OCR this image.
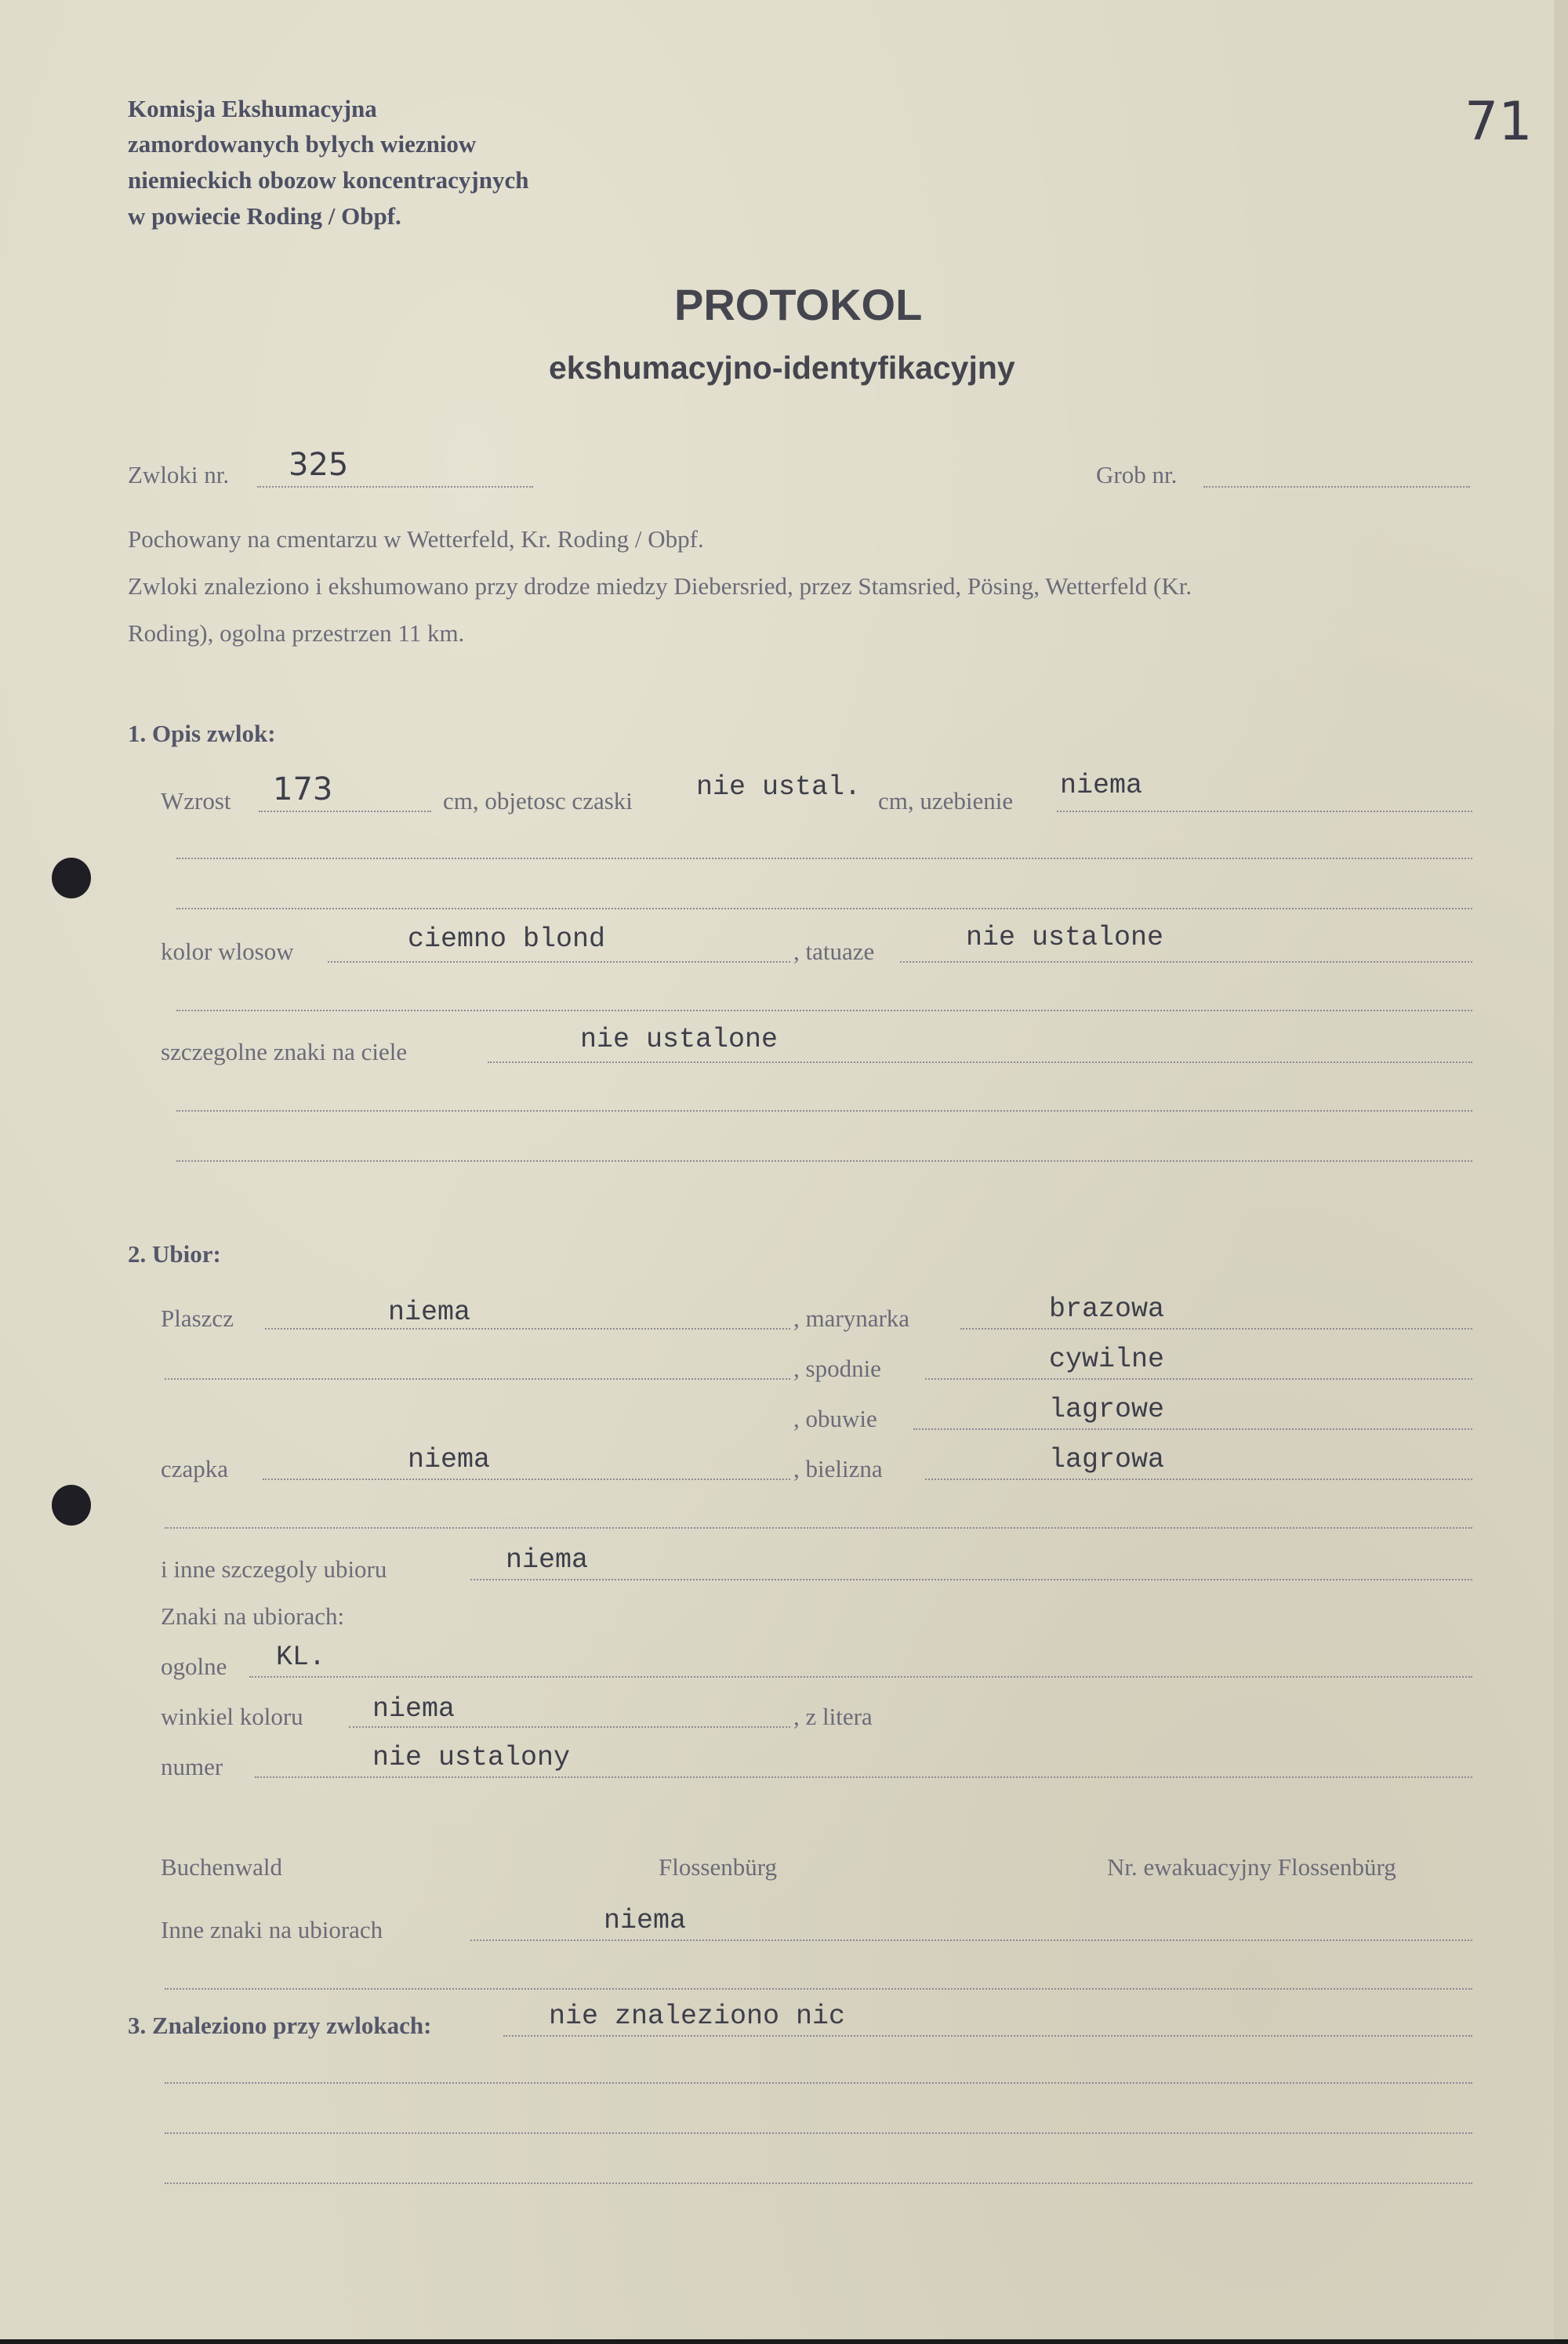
Komisja Ekshumacyjna
zamordowanych bylych wiezniow
niemieckich obozow koncentracyjnych
w powiecie Roding / Obpf.
71
PROTOKOL
ekshumacyjno-identyfikacyjny
Zwloki nr. 325	Grob nr.
Pochowany na cmentarzu w Wetterfeld, Kr. Roding / Obpf.
Zwloki znaleziono i ekshumowano przy drodze miedzy Diebersried, przez Stamsried, Pösing, Wetterfeld (Kr.
Roding), ogolna przestrzen 11 km.
1. Opis zwlok:
Wzrost 173	cm, objetosc czaski nie ustal. cm, uzebienie niema
kolor wlosow	ciemno blond	, tatuaze	nie ustalone
szczegolne znaki na ciele	nie ustalone
2. Ubior:
Plaszcz	niema	, marynarka	brazowa
, spodnie	cywilne
, obuwie	lagrowe
czapka	niema	, bielizna	lagrowa
i inne szczegoly ubioru	niema
Znaki na ubiorach:
ogolne KL.
winkiel koloru	niema	, z litera
numer	nie ustalony
Buchenwald	Flossenbürg	Nr. ewakuacyjny Flossenbürg
Inne znaki na ubiorach	niema
3. Znaleziono przy zwlokach:	nie znaleziono nic
